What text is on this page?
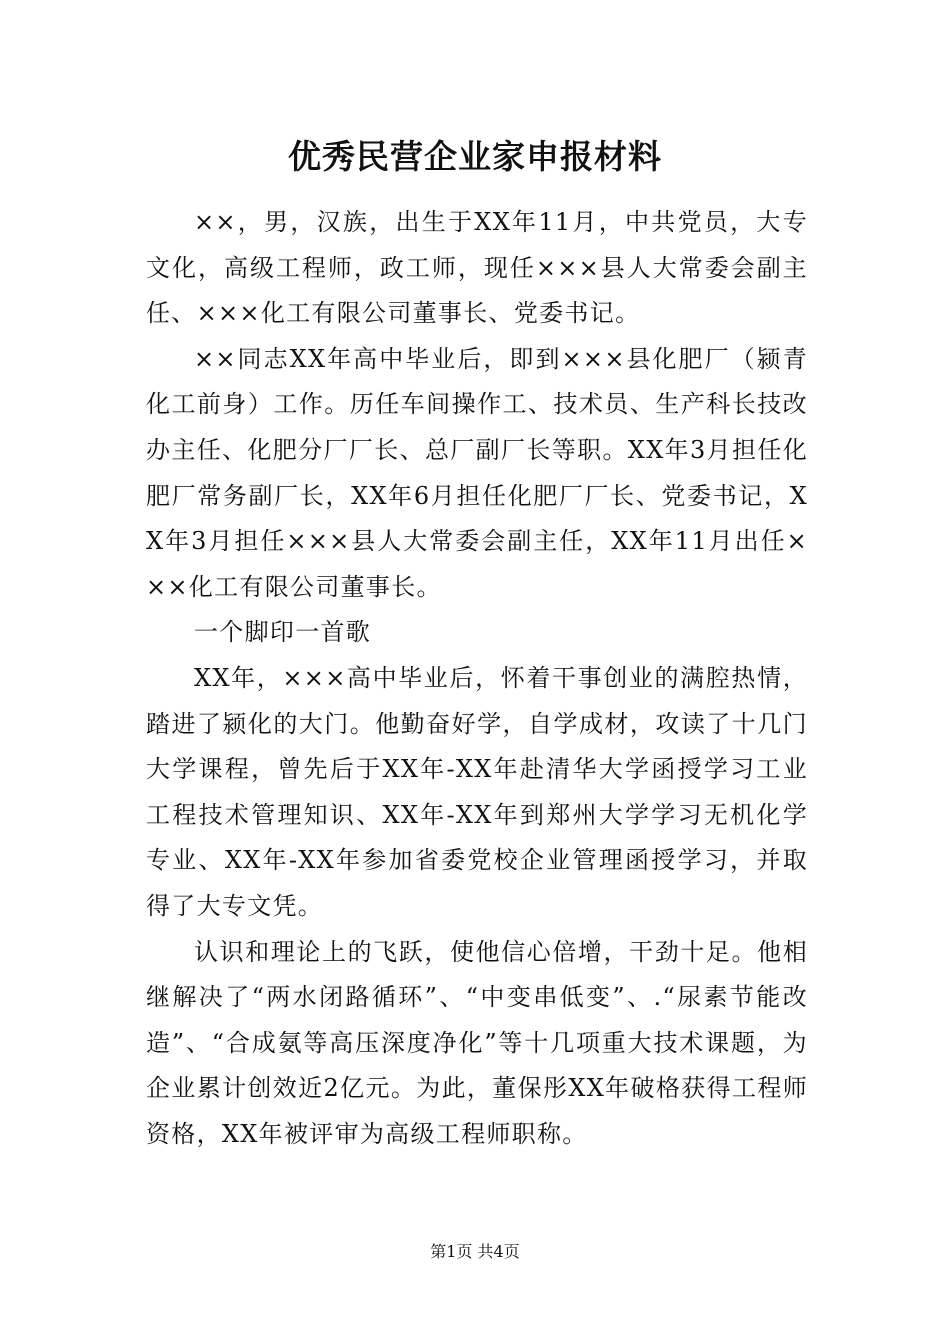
优秀民营企业家申报材料

××，男，汉族，出生于XX年11月，中共党员，大专文化，高级工程师，政工师，现任×××县人大常委会副主任、×××化工有限公司董事长、党委书记。

××同志XX年高中毕业后，即到×××县化肥厂（颍青化工前身）工作。历任车间操作工、技术员、生产科长技改办主任、化肥分厂厂长、总厂副厂长等职。XX年3月担任化肥厂常务副厂长，XX年6月担任化肥厂厂长、党委书记，XX年3月担任×××县人大常委会副主任，XX年11月出任×××化工有限公司董事长。

一个脚印一首歌

XX年，×××高中毕业后，怀着干事创业的满腔热情，踏进了颍化的大门。他勤奋好学，自学成材，攻读了十几门大学课程，曾先后于XX年-XX年赴清华大学函授学习工业工程技术管理知识、XX年-XX年到郑州大学学习无机化学专业、XX年-XX年参加省委党校企业管理函授学习，并取得了大专文凭。

认识和理论上的飞跃，使他信心倍增，干劲十足。他相继解决了“两水闭路循环”、“中变串低变”、.“尿素节能改造”、“合成氨等高压深度净化”等十几项重大技术课题，为企业累计创效近2亿元。为此，董保彤XX年破格获得工程师资格，XX年被评审为高级工程师职称。

第1页 共4页
